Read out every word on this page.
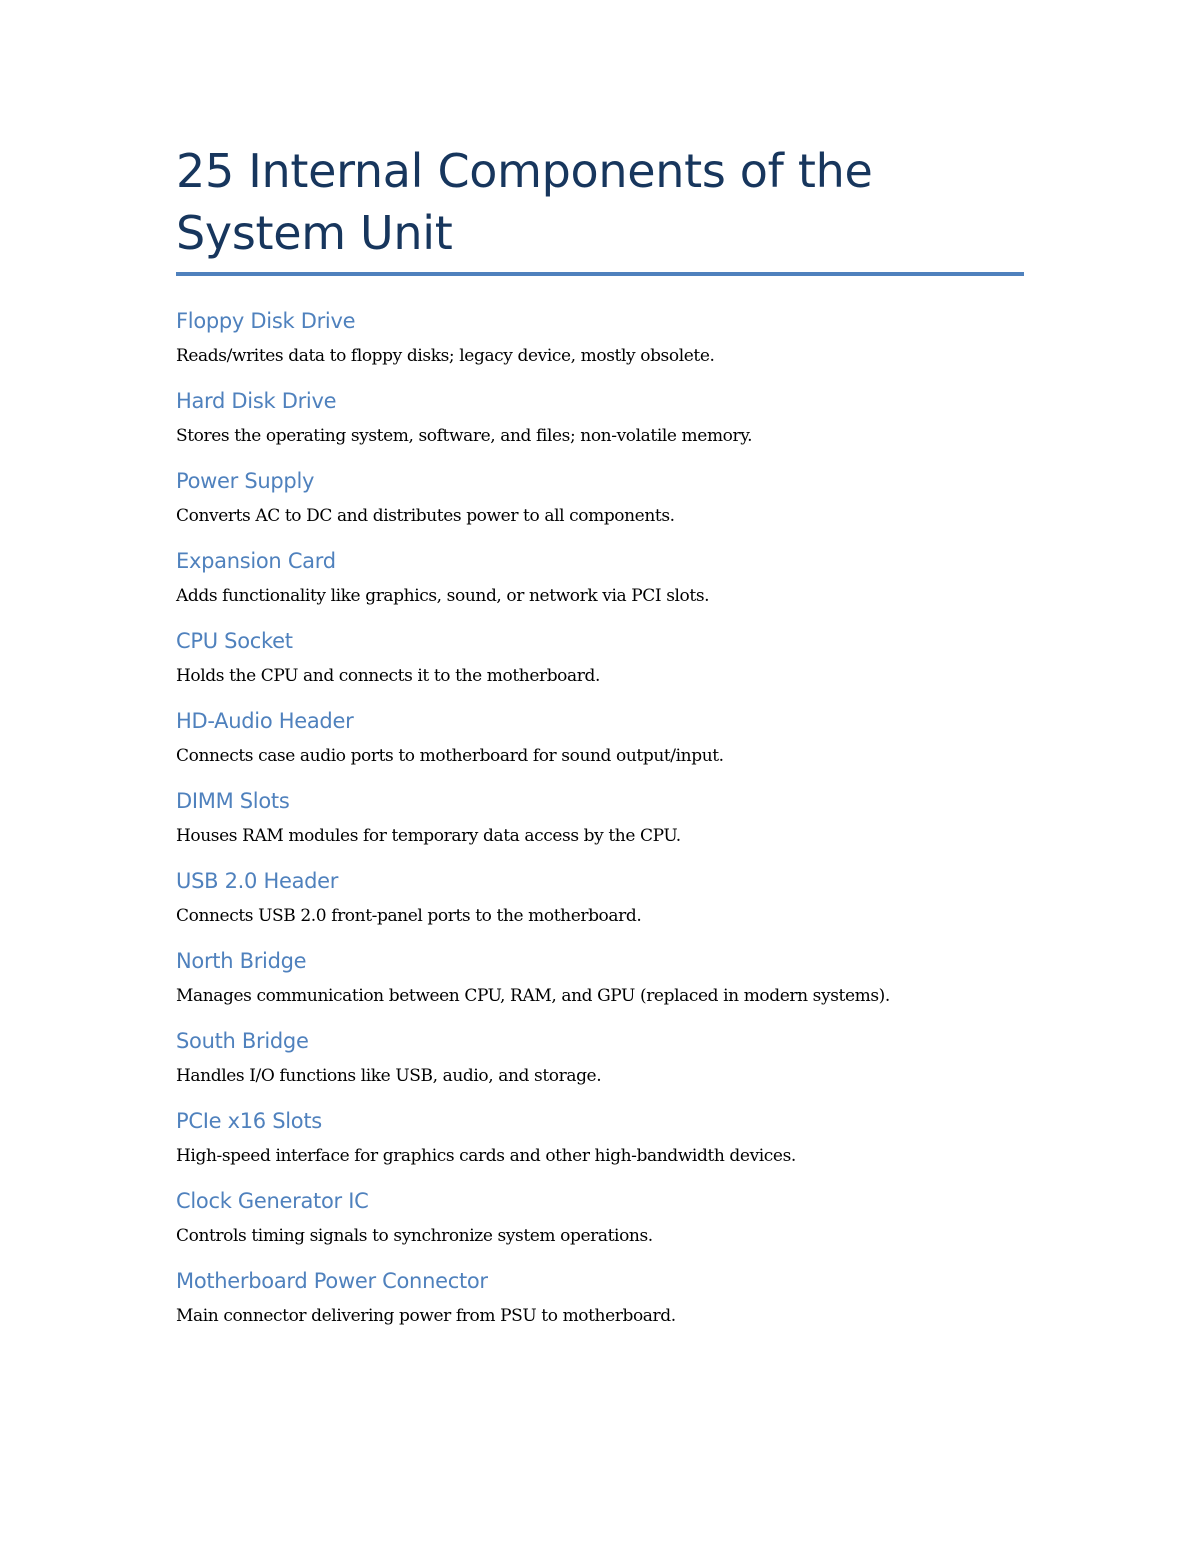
25 Internal Components of the System Unit
Floppy Disk Drive

Reads/writes data to floppy disks; legacy device, mostly obsolete.

Hard Disk Drive

Stores the operating system, software, and files; non-volatile memory.

Power Supply

Converts AC to DC and distributes power to all components.

Expansion Card

Adds functionality like graphics, sound, or network via PCI slots.

CPU Socket

Holds the CPU and connects it to the motherboard.

HD-Audio Header

Connects case audio ports to motherboard for sound output/input.

DIMM Slots

Houses RAM modules for temporary data access by the CPU.

USB 2.0 Header

Connects USB 2.0 front-panel ports to the motherboard.

North Bridge

Manages communication between CPU, RAM, and GPU (replaced in modern systems).

South Bridge

Handles I/O functions like USB, audio, and storage.

PCIe x16 Slots

High-speed interface for graphics cards and other high-bandwidth devices.

Clock Generator IC

Controls timing signals to synchronize system operations.

Motherboard Power Connector

Main connector delivering power from PSU to motherboard.
